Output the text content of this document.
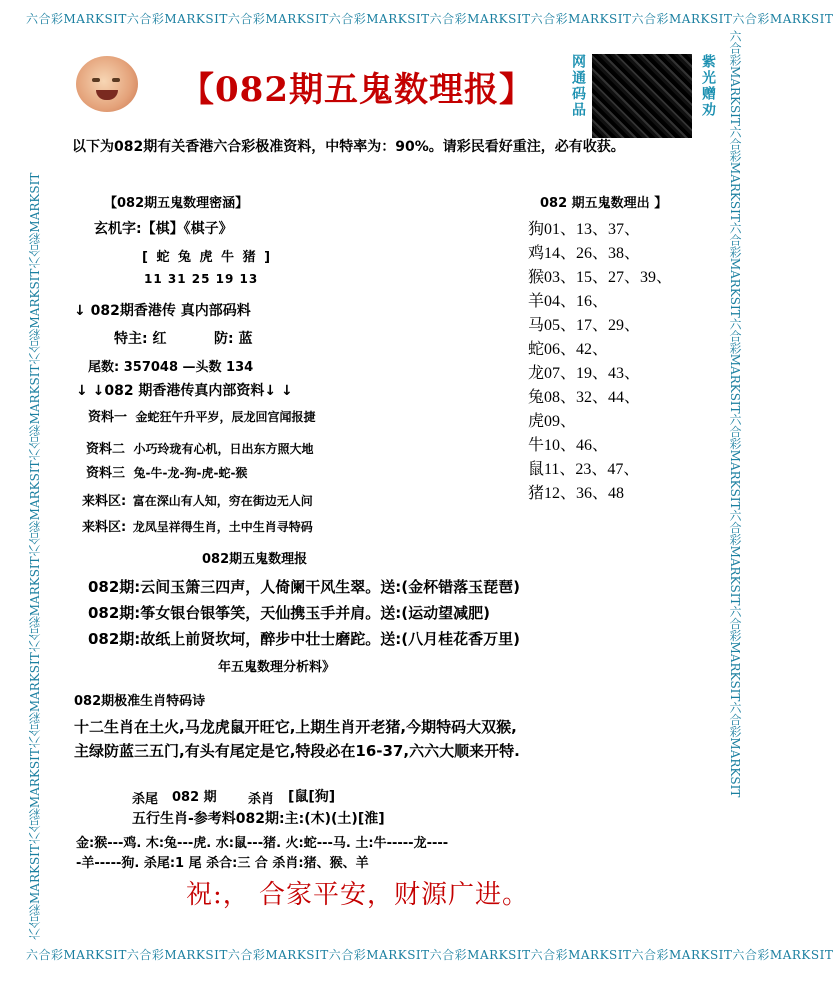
六合彩MARKSIT六合彩MARKSIT六合彩MARKSIT六合彩MARKSIT六合彩MARKSIT六合彩MARKSIT六合彩MARKSIT六合彩MARKSIT
六合彩MARKSIT六合彩MARKSIT六合彩MARKSIT六合彩MARKSIT六合彩MARKSIT六合彩MARKSIT六合彩MARKSIT六合彩MARKSIT
六合彩MARKSIT六合彩MARKSIT六合彩MARKSIT六合彩MARKSIT六合彩MARKSIT六合彩MARKSIT六合彩MARKSIT六合彩MARKSIT	六合彩MARKSIT六合彩MARKSIT六合彩MARKSIT六合彩MARKSIT六合彩MARKSIT六合彩MARKSIT六合彩MARKSIT六合彩MARKSIT
【082期五鬼数理报】	网通码品	紫光赠劝
以下为082期有关香港六合彩极准资料，中特率为：90%。请彩民看好重注，必有收获。
【082期五鬼数理密涵】
玄机字:【棋】《棋子》
[ 蛇 兔 虎 牛 猪 ]
11 31 25 19 13
↓ 082期香港传 真内部码料
特主: 红	防: 蓝
尾数: 357048 —头数 134
↓ ↓082 期香港传真内部资料↓ ↓
资料一 金蛇狂午升平岁，辰龙回宫闻报捷
资料二 小巧玲珑有心机，日出东方照大地
资料三 兔-牛-龙-狗-虎-蛇-猴
来料区: 富在深山有人知，穷在街边无人问
来料区: 龙凤呈祥得生肖，土中生肖寻特码
082 期五鬼数理出 】
狗01、13、37、
鸡14、26、38、
猴03、15、27、39、
羊04、16、
马05、17、29、
蛇06、42、
龙07、19、43、
兔08、32、44、
虎09、
牛10、46、
鼠11、23、47、
猪12、36、48
082期五鬼数理报
082期:云间玉箫三四声，人倚阑干风生翠。送:(金杯错落玉琵琶)
082期:筝女银台银筝笑，天仙携玉手并肩。送:(运动望减肥)
082期:故纸上前贤坎坷，醉步中壮士磨跎。送:(八月桂花香万里)
年五鬼数理分析料》
082期极准生肖特码诗
十二生肖在土火,马龙虎鼠开旺它,上期生肖开老猪,今期特码大双猴,
主绿防蓝三五门,有头有尾定是它,特段必在16-37,六六大顺来开特.
杀尾 082 期 杀肖 [鼠[狗]
五行生肖-参考料082期:主:(木)(土)[淮]
金:猴---鸡. 木:兔---虎. 水:鼠---猪. 火:蛇---马. 土:牛-----龙----
-羊-----狗. 杀尾:1 尾 杀合:三 合 杀肖:猪、猴、羊
祝:， 合家平安，财源广进。
